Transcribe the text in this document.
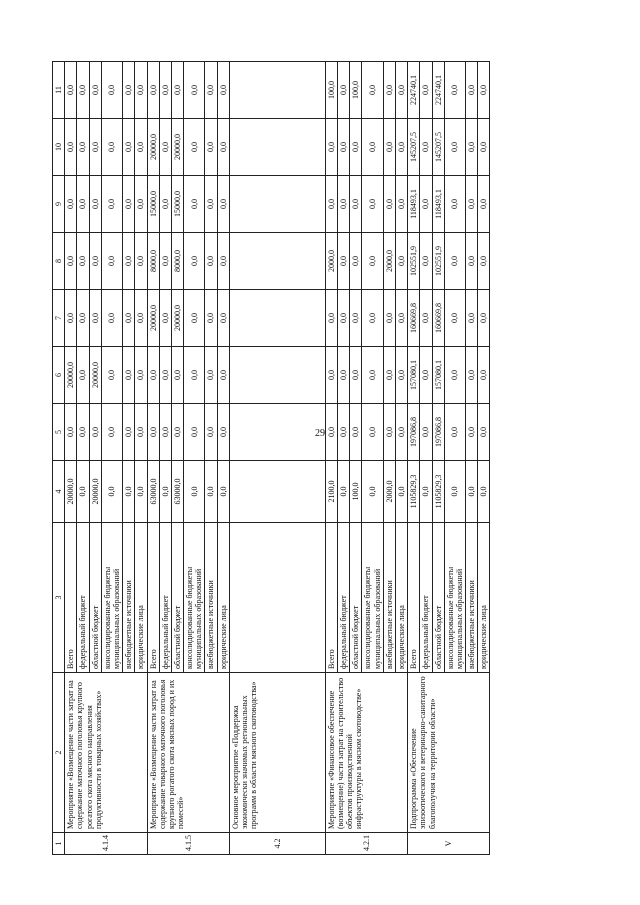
29
1	2	3	4	5	6	7	8	9	10	11
4.1.4	Мероприятие «Возмещение части затрат на содержание маточного поголовья крупного рогатого скота мясного направления продуктивности в товарных хозяйствах»	Всего	20000,0	0,0	20000,0	0,0	0,0	0,0	0,0	0,0
		федеральный бюджет	0,0	0,0	0,0	0,0	0,0	0,0	0,0	0,0
		областной бюджет	20000,0	0,0	20000,0	0,0	0,0	0,0	0,0	0,0
		консолидированные бюджеты муниципальных образований	0,0	0,0	0,0	0,0	0,0	0,0	0,0	0,0
		внебюджетные источники	0,0	0,0	0,0	0,0	0,0	0,0	0,0	0,0
		юридические лица	0,0	0,0	0,0	0,0	0,0	0,0	0,0	0,0
4.1.5	Мероприятие «Возмещение части затрат на содержание товарного маточного поголовья крупного рогатого скота мясных пород и их помесей»	Всего	63000,0	0,0	0,0	20000,0	8000,0	15000,0	20000,0	0,0
		федеральный бюджет	0,0	0,0	0,0	0,0	0,0	0,0	0,0	0,0
		областной бюджет	63000,0	0,0	0,0	20000,0	8000,0	15000,0	20000,0	0,0
		консолидированные бюджеты муниципальных образований	0,0	0,0	0,0	0,0	0,0	0,0	0,0	0,0
		внебюджетные источники	0,0	0,0	0,0	0,0	0,0	0,0	0,0	0,0
		юридические лица	0,0	0,0	0,0	0,0	0,0	0,0	0,0	0,0
4.2	Основное мероприятие «Поддержка экономически значимых региональных программ в области мясного скотоводства»									
4.2.1	Мероприятие «Финансовое обеспечение (возмещение) части затрат на строительство объектов производственной инфраструктуры в мясном скотоводстве»	Всего	2100,0	0,0	0,0	0,0	2000,0	0,0	0,0	100,0
		федеральный бюджет	0,0	0,0	0,0	0,0	0,0	0,0	0,0	0,0
		областной бюджет	100,0	0,0	0,0	0,0	0,0	0,0	0,0	100,0
		консолидированные бюджеты муниципальных образований	0,0	0,0	0,0	0,0	0,0	0,0	0,0	0,0
		внебюджетные источники	2000,0	0,0	0,0	0,0	2000,0	0,0	0,0	0,0
		юридические лица	0,0	0,0	0,0	0,0	0,0	0,0	0,0	0,0
V	Подпрограмма «Обеспечение эпизоотического и ветеринарно-санитарного благополучия на территории области»	Всего	1105829,3	197086,8	157080,1	160669,8	102551,9	118493,1	145207,5	224740,1
		федеральный бюджет	0,0	0,0	0,0	0,0	0,0	0,0	0,0	0,0
		областной бюджет	1105829,3	197086,8	157080,1	160669,8	102551,9	118493,1	145207,5	224740,1
		консолидированные бюджеты муниципальных образований	0,0	0,0	0,0	0,0	0,0	0,0	0,0	0,0
		внебюджетные источники	0,0	0,0	0,0	0,0	0,0	0,0	0,0	0,0
		юридические лица	0,0	0,0	0,0	0,0	0,0	0,0	0,0	0,0
